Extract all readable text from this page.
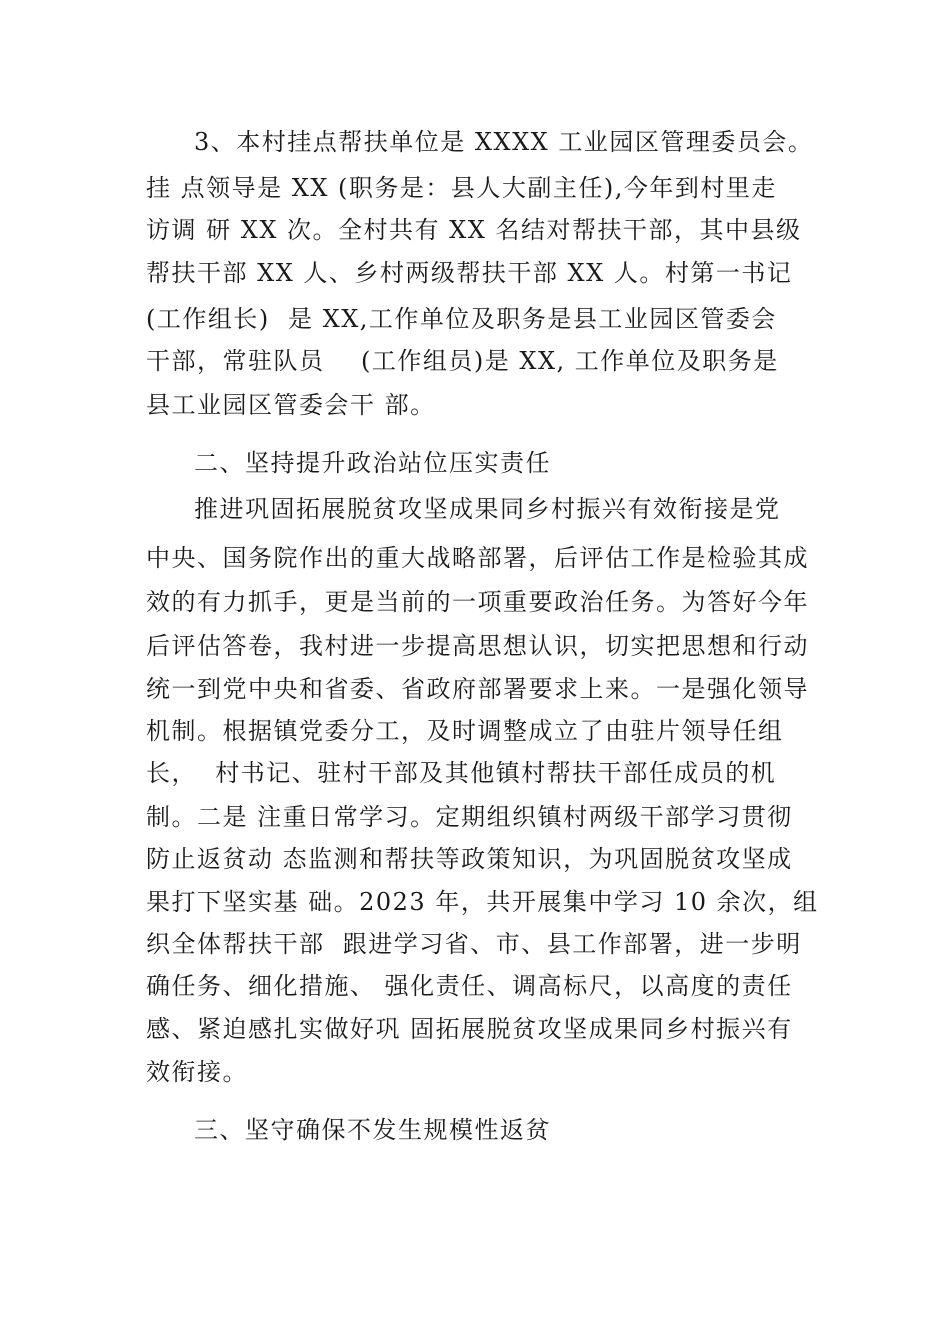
3、本村挂点帮扶单位是 XXXX 工业园区管理委员会。
挂 点领导是 XX (职务是：县人大副主任),今年到村里走
访调 研 XX 次。全村共有 XX 名结对帮扶干部，其中县级
帮扶干部 XX 人、乡村两级帮扶干部 XX 人。村第一书记
(工作组长)  是 XX,工作单位及职务是县工业园区管委会
干部，常驻队员    (工作组员)是 XX, 工作单位及职务是
县工业园区管委会干 部。
二、坚持提升政治站位压实责任
推进巩固拓展脱贫攻坚成果同乡村振兴有效衔接是党
中央、国务院作出的重大战略部署，后评估工作是检验其成
效的有力抓手，更是当前的一项重要政治任务。为答好今年
后评估答卷，我村进一步提高思想认识，切实把思想和行动
统一到党中央和省委、省政府部署要求上来。一是强化领导
机制。根据镇党委分工，及时调整成立了由驻片领导任组
长，  村书记、驻村干部及其他镇村帮扶干部任成员的机
制。二是 注重日常学习。定期组织镇村两级干部学习贯彻
防止返贫动 态监测和帮扶等政策知识，为巩固脱贫攻坚成
果打下坚实基 础。2023 年，共开展集中学习 10 余次，组
织全体帮扶干部  跟进学习省、市、县工作部署，进一步明
确任务、细化措施、 强化责任、调高标尺，以高度的责任
感、紧迫感扎实做好巩 固拓展脱贫攻坚成果同乡村振兴有
效衔接。
三、坚守确保不发生规模性返贫
